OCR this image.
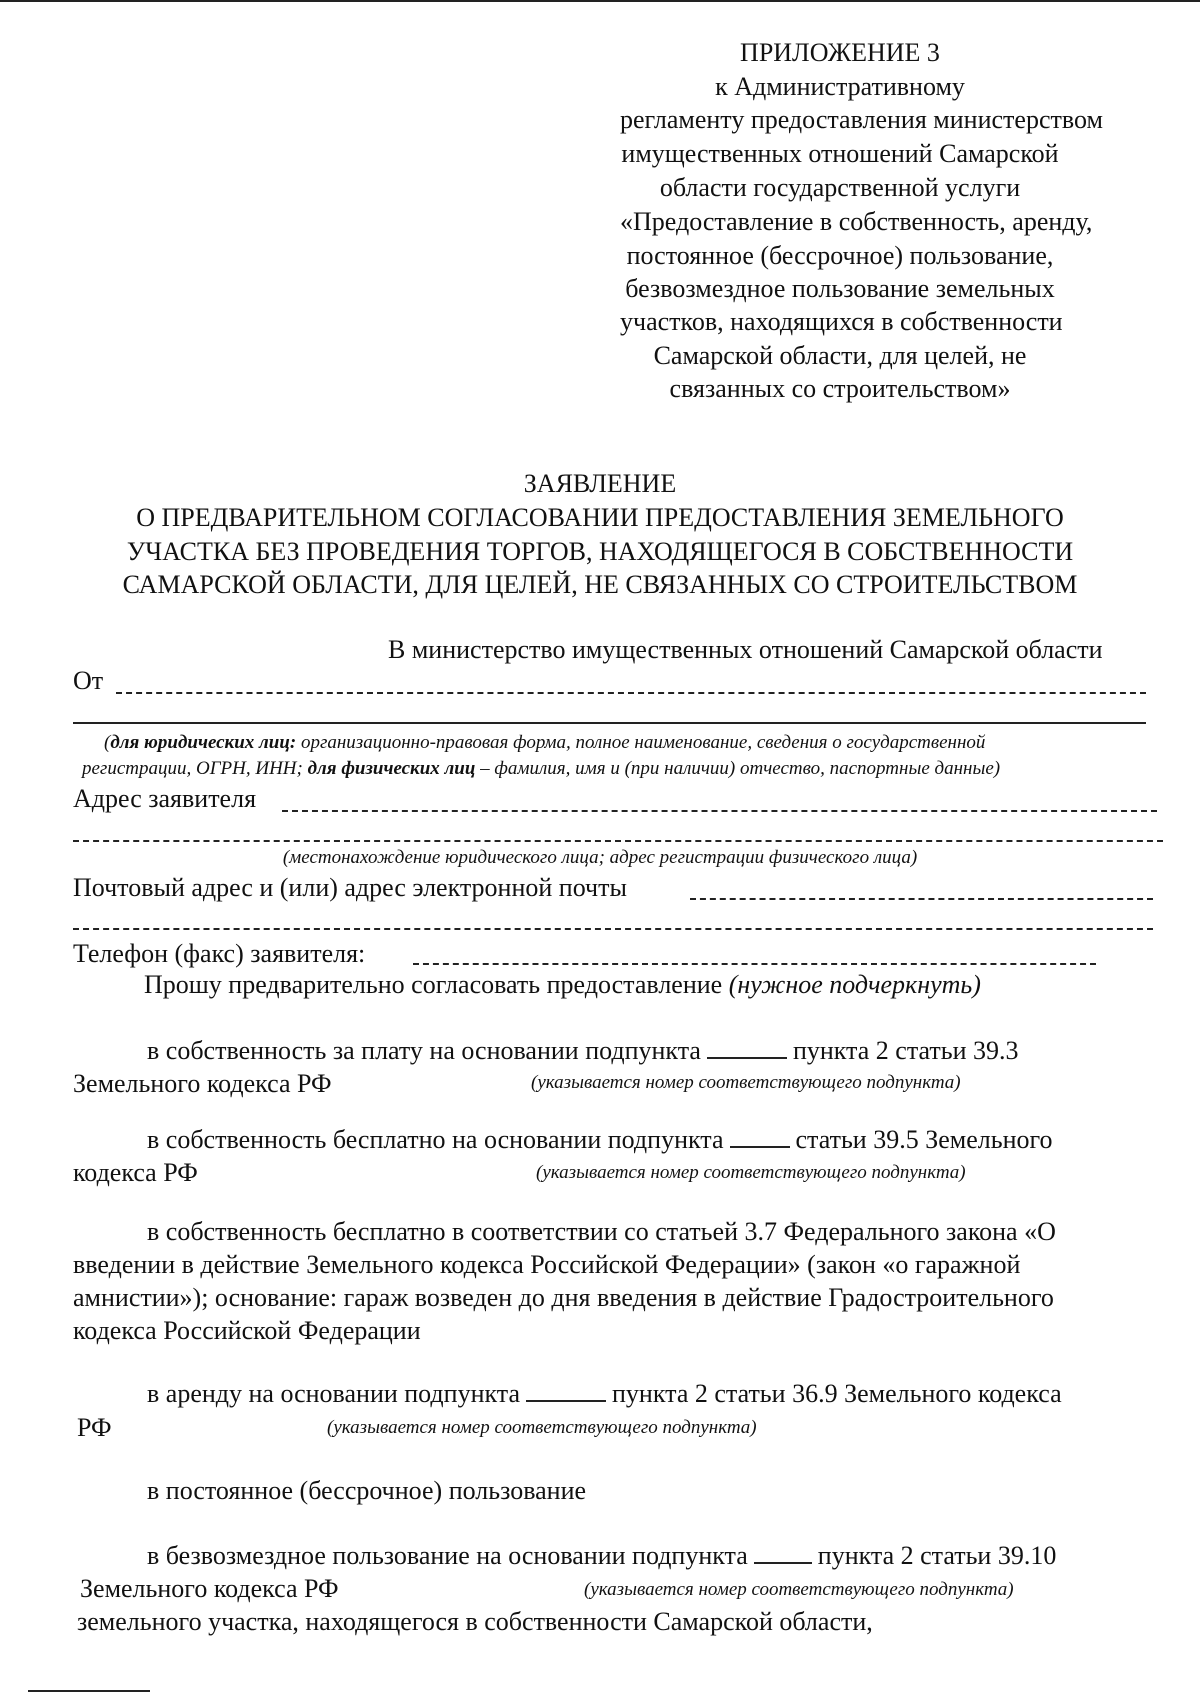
ПРИЛОЖЕНИЕ 3
к Административному
регламенту предоставления министерством
имущественных отношений Самарской
области государственной услуги
«Предоставление в собственность, аренду,
постоянное (бессрочное) пользование,
безвозмездное пользование земельных
участков, находящихся в собственности
Самарской области, для целей, не
связанных со строительством»
ЗАЯВЛЕНИЕ
О ПРЕДВАРИТЕЛЬНОМ СОГЛАСОВАНИИ ПРЕДОСТАВЛЕНИЯ ЗЕМЕЛЬНОГО
УЧАСТКА БЕЗ ПРОВЕДЕНИЯ ТОРГОВ, НАХОДЯЩЕГОСЯ В СОБСТВЕННОСТИ
САМАРСКОЙ ОБЛАСТИ, ДЛЯ ЦЕЛЕЙ, НЕ СВЯЗАННЫХ СО СТРОИТЕЛЬСТВОМ
В министерство имущественных отношений Самарской области
От
(для юридических лиц: организационно-правовая форма, полное наименование, сведения о государственной
регистрации, ОГРН, ИНН; для физических лиц – фамилия, имя и (при наличии) отчество, паспортные данные)
Адрес заявителя
(местонахождение юридического лица; адрес регистрации физического лица)
Почтовый адрес и (или) адрес электронной почты
Телефон (факс) заявителя:
Прошу предварительно согласовать предоставление (нужное подчеркнуть)
в собственность за плату на основании подпункта	пункта 2 статьи 39.3
Земельного кодекса РФ	(указывается номер соответствующего подпункта)
в собственность бесплатно на основании подпункта	статьи 39.5 Земельного
кодекса РФ	(указывается номер соответствующего подпункта)
в собственность бесплатно в соответствии со статьей 3.7 Федерального закона «О
введении в действие Земельного кодекса Российской Федерации» (закон «о гаражной
амнистии»); основание: гараж возведен до дня введения в действие Градостроительного
кодекса Российской Федерации
в аренду на основании подпункта	пункта 2 статьи 36.9 Земельного кодекса
РФ	(указывается номер соответствующего подпункта)
в постоянное (бессрочное) пользование
в безвозмездное пользование на основании подпункта	пункта 2 статьи 39.10
Земельного кодекса РФ	(указывается номер соответствующего подпункта)
земельного участка, находящегося в собственности Самарской области,
